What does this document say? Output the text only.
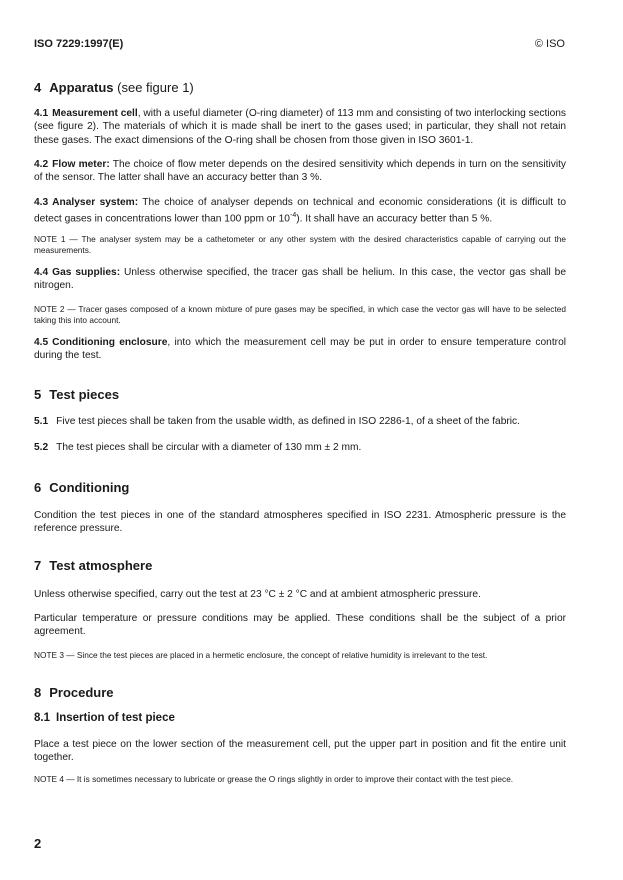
ISO 7229:1997(E)	© ISO
4 Apparatus (see figure 1)

4.1 Measurement cell, with a useful diameter (O-ring diameter) of 113 mm and consisting of two interlocking sections (see figure 2). The materials of which it is made shall be inert to the gases used; in particular, they shall not retain these gases. The exact dimensions of the O-ring shall be chosen from those given in ISO 3601-1.

4.2 Flow meter: The choice of flow meter depends on the desired sensitivity which depends in turn on the sensitivity of the sensor. The latter shall have an accuracy better than 3 %.

4.3 Analyser system: The choice of analyser depends on technical and economic considerations (it is difficult to detect gases in concentrations lower than 100 ppm or $10^{-4}$). It shall have an accuracy better than 5 %.

NOTE 1 — The analyser system may be a cathetometer or any other system with the desired characteristics capable of carrying out the measurements.

4.4 Gas supplies: Unless otherwise specified, the tracer gas shall be helium. In this case, the vector gas shall be nitrogen.

NOTE 2 — Tracer gases composed of a known mixture of pure gases may be specified, in which case the vector gas will have to be selected taking this into account.

4.5 Conditioning enclosure, into which the measurement cell may be put in order to ensure temperature control during the test.

5 Test pieces

5.1 Five test pieces shall be taken from the usable width, as defined in ISO 2286-1, of a sheet of the fabric.

5.2 The test pieces shall be circular with a diameter of 130 mm ± 2 mm.

6 Conditioning

Condition the test pieces in one of the standard atmospheres specified in ISO 2231. Atmospheric pressure is the reference pressure.

7 Test atmosphere

Unless otherwise specified, carry out the test at 23 °C ± 2 °C and at ambient atmospheric pressure.

Particular temperature or pressure conditions may be applied. These conditions shall be the subject of a prior agreement.

NOTE 3 — Since the test pieces are placed in a hermetic enclosure, the concept of relative humidity is irrelevant to the test.

8 Procedure
8.1 Insertion of test piece

Place a test piece on the lower section of the measurement cell, put the upper part in position and fit the entire unit together.

NOTE 4 — It is sometimes necessary to lubricate or grease the O rings slightly in order to improve their contact with the test piece.

2
